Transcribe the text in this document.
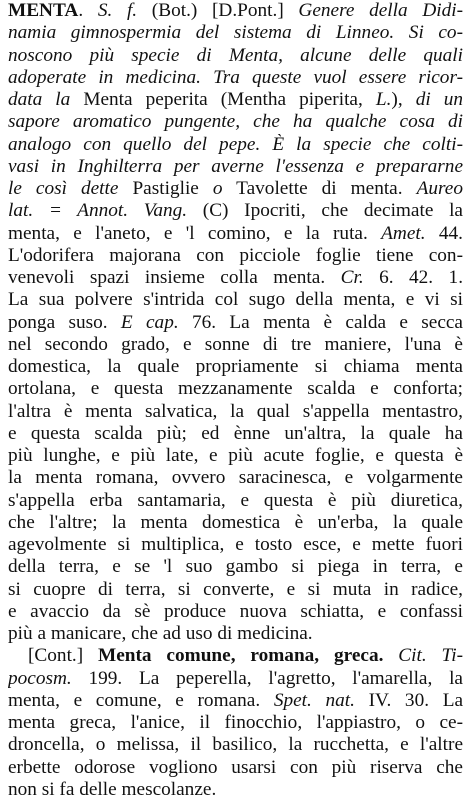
MENTA. S. f. (Bot.) [D.Pont.] Genere della Didi-
namia gimnospermia del sistema di Linneo. Si co-
noscono più specie di Menta, alcune delle quali
adoperate in medicina. Tra queste vuol essere ricor-
data la Menta peperita (Mentha piperita, L.), di un
sapore aromatico pungente, che ha qualche cosa di
analogo con quello del pepe. È la specie che colti-
vasi in Inghilterra per averne l'essenza e prepararne
le così dette Pastiglie o Tavolette di menta. Aureo
lat. = Annot. Vang. (C) Ipocriti, che decimate la
menta, e l'aneto, e 'l comino, e la ruta. Amet. 44.
L'odorifera majorana con picciole foglie tiene con-
venevoli spazi insieme colla menta. Cr. 6. 42. 1.
La sua polvere s'intrida col sugo della menta, e vi si
ponga suso. E cap. 76. La menta è calda e secca
nel secondo grado, e sonne di tre maniere, l'una è
domestica, la quale propriamente si chiama menta
ortolana, e questa mezzanamente scalda e conforta;
l'altra è menta salvatica, la qual s'appella mentastro,
e questa scalda più; ed ènne un'altra, la quale ha
più lunghe, e più late, e più acute foglie, e questa è
la menta romana, ovvero saracinesca, e volgarmente
s'appella erba santamaria, e questa è più diuretica,
che l'altre; la menta domestica è un'erba, la quale
agevolmente si multiplica, e tosto esce, e mette fuori
della terra, e se 'l suo gambo si piega in terra, e
si cuopre di terra, si converte, e si muta in radice,
e avaccio da sè produce nuova schiatta, e confassi
più a manicare, che ad uso di medicina.
[Cont.] Menta comune, romana, greca. Cit. Ti-
pocosm. 199. La peperella, l'agretto, l'amarella, la
menta, e comune, e romana. Spet. nat. IV. 30. La
menta greca, l'anice, il finocchio, l'appiastro, o ce-
droncella, o melissa, il basilico, la rucchetta, e l'altre
erbette odorose vogliono usarsi con più riserva che
non si fa delle mescolanze.
